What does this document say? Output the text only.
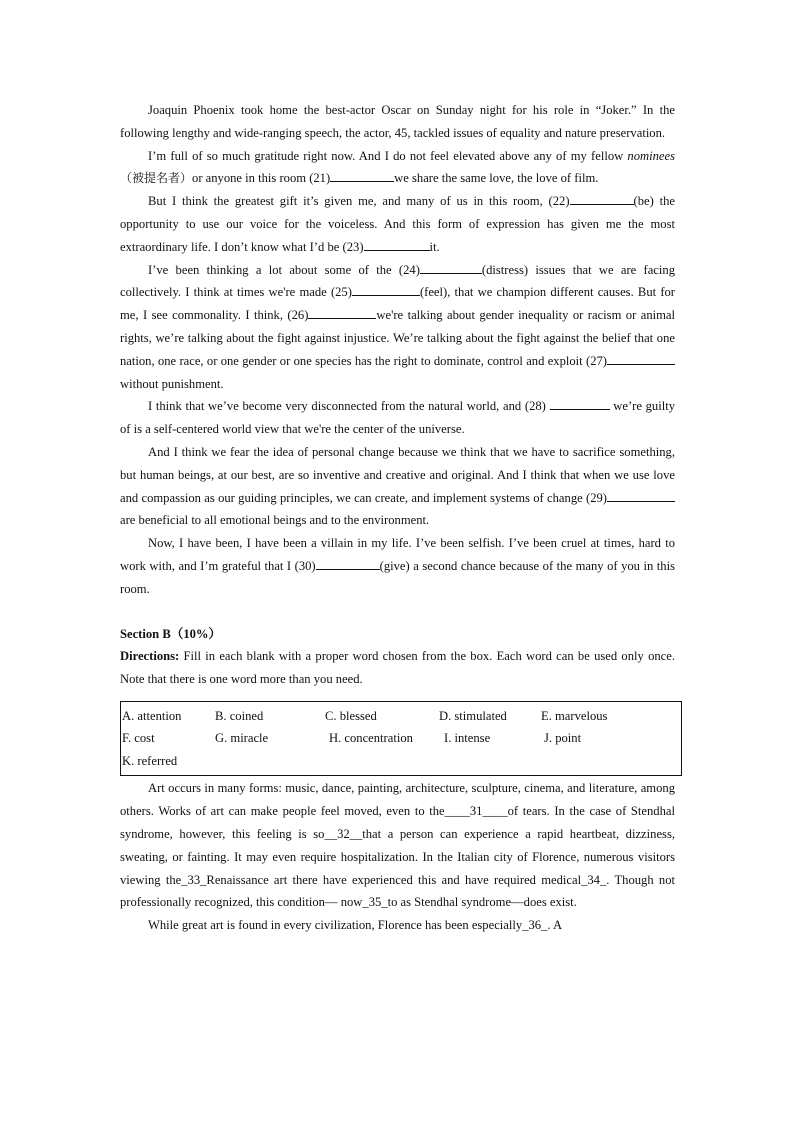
Joaquin Phoenix took home the best-actor Oscar on Sunday night for his role in “Joker.” In the following lengthy and wide-ranging speech, the actor, 45, tackled issues of equality and nature preservation.

I’m full of so much gratitude right now. And I do not feel elevated above any of my fellow nominees（被提名者）or anyone in this room (21)	we share the same love, the love of film.

But I think the greatest gift it’s given me, and many of us in this room, (22)	(be) the opportunity to use our voice for the voiceless. And this form of expression has given me the most extraordinary life. I don’t know what I’d be (23)	it.

I’ve been thinking a lot about some of the (24)	(distress) issues that we are facing collectively. I think at times we're made (25)	(feel), that we champion different causes. But for me, I see commonality. I think, (26)	we're talking about gender inequality or racism or animal rights, we’re talking about the fight against injustice. We’re talking about the fight against the belief that one nation, one race, or one gender or one species has the right to dominate, control and exploit (27)without punishment.

I think that we’ve become very disconnected from the natural world, and (28)	we’re guilty of is a self-centered world view that we're the center of the universe.

And I think we fear the idea of personal change because we think that we have to sacrifice something, but human beings, at our best, are so inventive and creative and original. And I think that when we use love and compassion as our guiding principles, we can create, and implement systems of change (29)are beneficial to all emotional beings and to the environment.

Now, I have been, I have been a villain in my life. I’ve been selfish. I’ve been cruel at times, hard to work with, and I’m grateful that I (30)	(give) a second chance because of the many of you in this room.

Section B（10%）

Directions: Fill in each blank with a proper word chosen from the box. Each word can be used only once. Note that there is one word more than you need.

A. attention	B. coined	C. blessed	D. stimulated	E. marvelous
F. cost	G. miracle	H. concentration	I. intense	J. point
K. referred

Art occurs in many forms: music, dance, painting, architecture, sculpture, cinema, and literature, among others. Works of art can make people feel moved, even to the____31____of tears. In the case of Stendhal syndrome, however, this feeling is so__32__that a person can experience a rapid heartbeat, dizziness, sweating, or fainting. It may even require hospitalization. In the Italian city of Florence, numerous visitors viewing the_33_Renaissance art there have experienced this and have required medical_34_. Though not professionally recognized, this condition— now_35_to as Stendhal syndrome—does exist.

While great art is found in every civilization, Florence has been especially_36_. A
